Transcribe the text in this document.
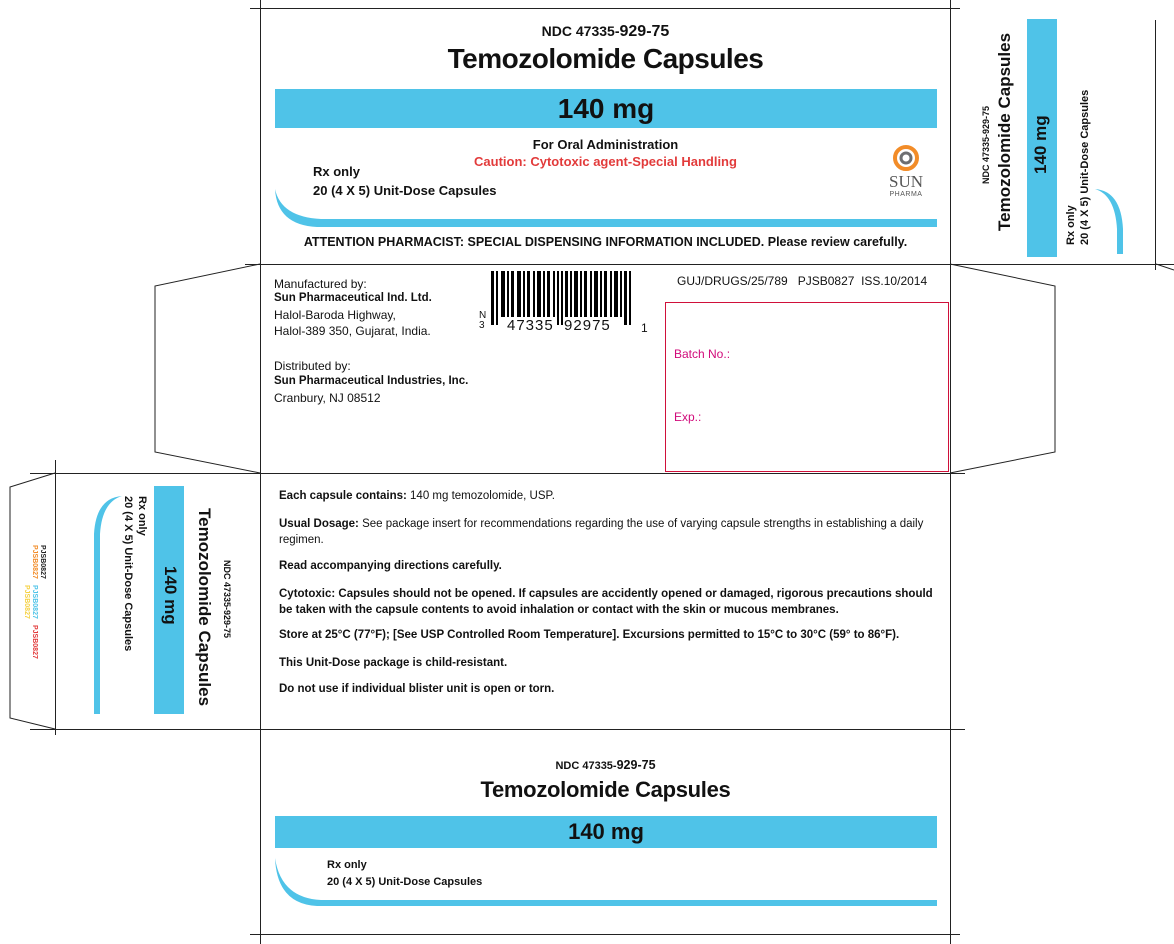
NDC 47335-929-75
Temozolomide Capsules
140 mg
For Oral Administration
Caution: Cytotoxic agent-Special Handling
Rx only
20 (4 X 5) Unit-Dose Capsules	SUN
PHARMA
ATTENTION PHARMACIST: SPECIAL DISPENSING INFORMATION INCLUDED. Please review carefully.
NDC 47335-929-75 Temozolomide Capsules 140 mg
Rx only 20 (4 X 5) Unit-Dose Capsules
Manufactured by:
Sun Pharmaceutical Ind. Ltd.
Halol-Baroda Highway,
Halol-389 350, Gujarat, India.
Distributed by:
Sun Pharmaceutical Industries, Inc.
Cranbury, NJ 08512
N
3 47335  92975	1
GUJ/DRUGS/25/789   PJSB0827  ISS.10/2014
Batch No.:
Exp.:
NDC 47335-929-75
Temozolomide Capsules
140 mg
Rx only
20 (4 X 5) Unit-Dose Capsules
PJSB0827
PJSB0827
PJSB0827
PJSB0827
PJSB0827

Each capsule contains: 140 mg temozolomide, USP.

Usual Dosage: See package insert for recommendations regarding the use of varying capsule strengths in establishing a daily regimen.

Read accompanying directions carefully.

Cytotoxic: Capsules should not be opened. If capsules are accidently opened or damaged, rigorous precautions should be taken with the capsule contents to avoid inhalation or contact with the skin or mucous membranes.

Store at 25°C (77°F); [See USP Controlled Room Temperature]. Excursions permitted to 15°C to 30°C (59° to 86°F).

This Unit-Dose package is child-resistant.

Do not use if individual blister unit is open or torn.

NDC 47335-929-75
Temozolomide Capsules
140 mg
Rx only
20 (4 X 5) Unit-Dose Capsules
